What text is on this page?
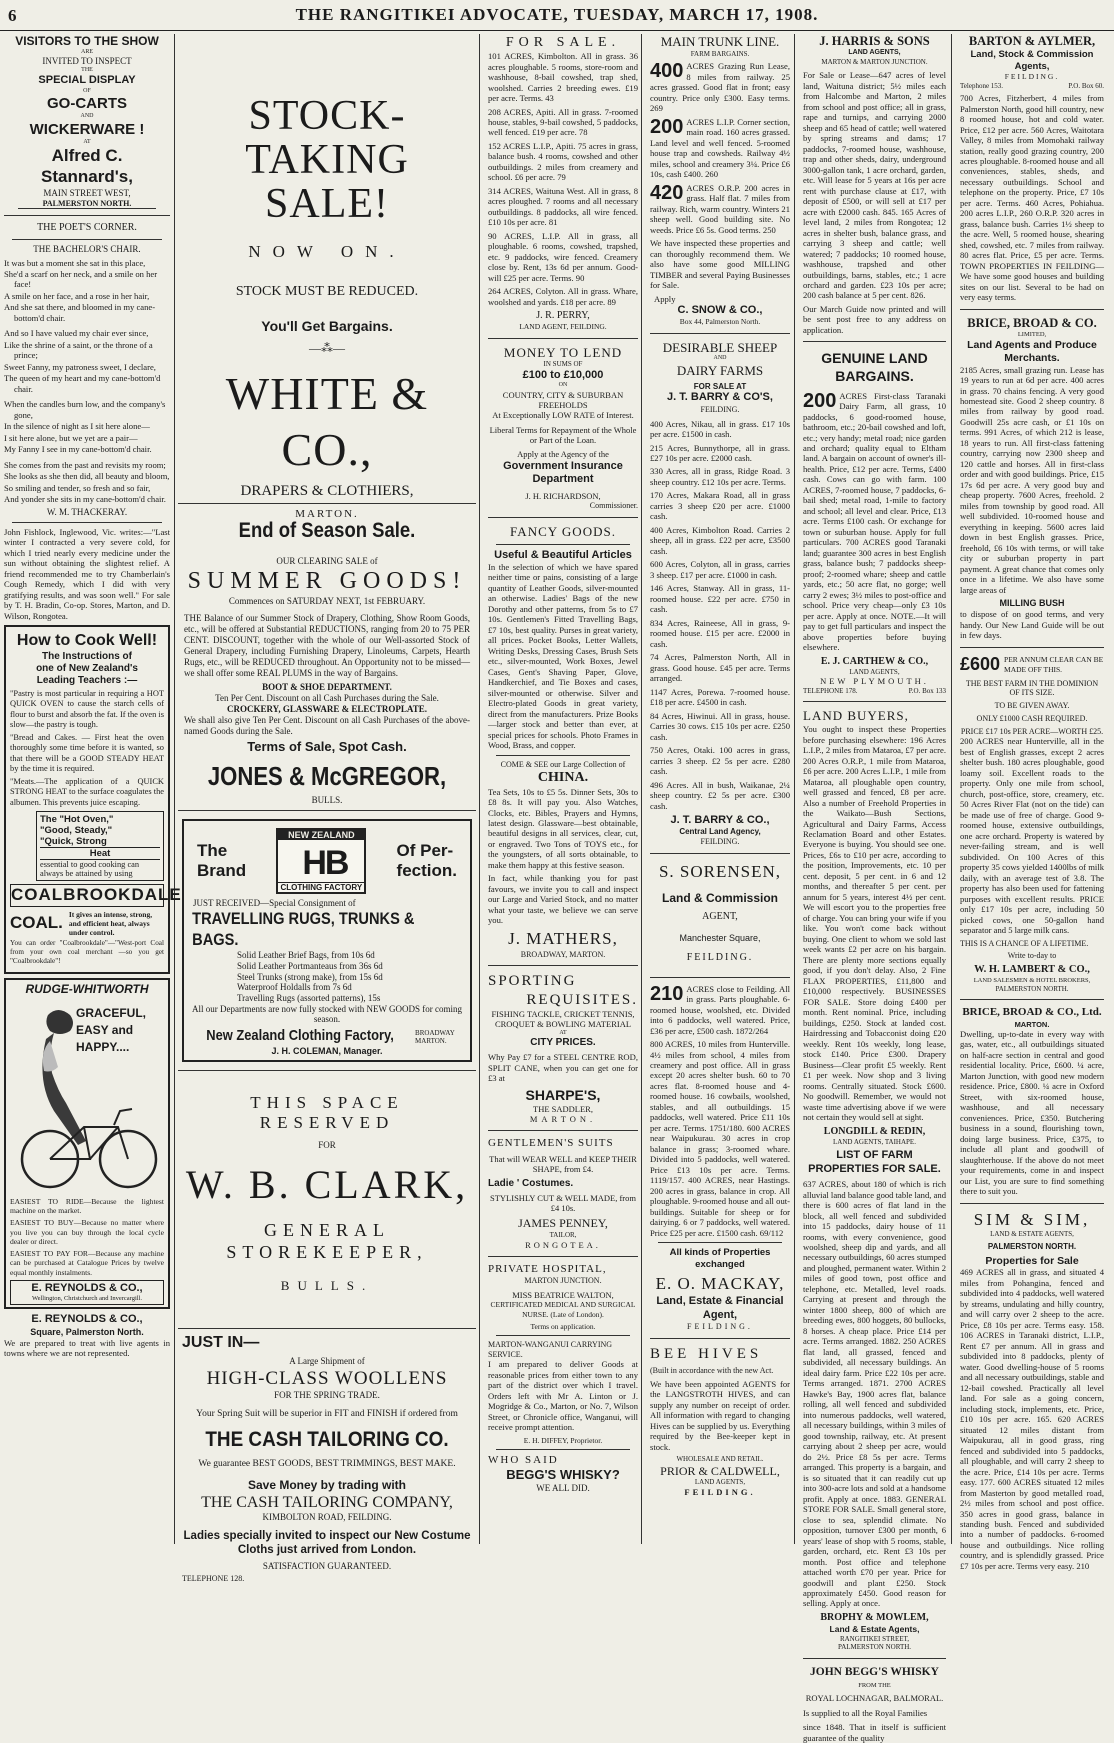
6	THE RANGITIKEI ADVOCATE, TUESDAY, MARCH 17, 1908.
VISITORS TO THE SHOW
ARE
INVITED TO INSPECT
THE
SPECIAL DISPLAY
OF
GO-CARTS
AND
WICKERWARE !
AT
Alfred C. Stannard's,
MAIN STREET WEST,
PALMERSTON NORTH.
THE POET'S CORNER.
THE BACHELOR'S CHAIR.

It was but a moment she sat in this place,

She'd a scarf on her neck, and a smile on her face!

A smile on her face, and a rose in her hair,

And she sat there, and bloomed in my cane-bottom'd chair.

And so I have valued my chair ever since,

Like the shrine of a saint, or the throne of a prince;

Sweet Fanny, my patroness sweet, I declare,

The queen of my heart and my cane-bottom'd chair.

When the candles burn low, and the company's gone,

In the silence of night as I sit here alone—

I sit here alone, but we yet are a pair—

My Fanny I see in my cane-bottom'd chair.

She comes from the past and revisits my room;

She looks as she then did, all beauty and bloom,

So smiling and tender, so fresh and so fair,

And yonder she sits in my cane-bottom'd chair.

W. M. THACKERAY.

John Fishlock, Inglewood, Vic. writes:—"Last winter I contracted a very severe cold, for which I tried nearly every medicine under the sun without obtaining the slightest relief. A friend recommended me to try Chamberlain's Cough Remedy, which I did with very gratifying results, and was soon well." For sale by T. H. Bradin, Co-op. Stores, Marton, and D. Wilson, Rongotea.

How to Cook Well!
The Instructions of
one of New Zealand's
Leading Teachers :—

"Pastry is most particular in requiring a HOT QUICK OVEN to cause the starch cells of flour to burst and absorb the fat. If the oven is slow—the pastry is tough.

"Bread and Cakes. — First heat the oven thoroughly some time before it is wanted, so that there will be a GOOD STEADY HEAT by the time it is required.

"Meats.—The application of a QUICK STRONG HEAT to the surface coagulates the albumen. This prevents juice escaping.

The "Hot Oven,"
"Good, Steady,"
"Quick, Strong
Heat
essential to good cooking can always be attained by using
COALBROOKDALE
COAL. It gives an intense, strong, and efficient heat, always under control.

You can order "Coalbrookdale"—"West-port Coal from your own coal merchant —so you get "Coalbrookdale"!

RUDGE-WHITWORTH
GRACEFUL,
EASY and
HAPPY....

EASIEST TO RIDE—Because the lightest machine on the market.

EASIEST TO BUY—Because no matter where you live you can buy through the local cycle dealer or direct.

EASIEST TO PAY FOR—Because any machine can be purchased at Catalogue Prices by twelve equal monthly instalments.

E. REYNOLDS & CO.,
Wellington, Christchurch and Invercargill.
E. REYNOLDS & CO.,
Square, Palmerston North.

We are prepared to treat with live agents in towns where we are not represented.

STOCK-TAKING
SALE!
NOW ON.
STOCK MUST BE REDUCED.
You'll Get Bargains.
—⁂—
WHITE & CO.,
DRAPERS & CLOTHIERS,
MARTON.
End of Season Sale.
OUR CLEARING SALE of
SUMMER GOODS!
Commences on SATURDAY NEXT, 1st FEBRUARY.

THE Balance of our Summer Stock of Drapery, Clothing, Show Room Goods, etc., will be offered at Substantial REDUCTIONS, ranging from 20 to 75 PER CENT. DISCOUNT, together with the whole of our Well-assorted Stock of General Drapery, including Furnishing Drapery, Linoleums, Carpets, Hearth Rugs, etc., will be REDUCED throughout. An Opportunity not to be missed—we shall offer some REAL PLUMS in the way of Bargains.

BOOT & SHOE DEPARTMENT.
Ten Per Cent. Discount on all Cash Purchases during the Sale.
CROCKERY, GLASSWARE & ELECTROPLATE.

We shall also give Ten Per Cent. Discount on all Cash Purchases of the above-named Goods during the Sale.

Terms of Sale, Spot Cash.
JONES & McGREGOR,
BULLS.
The
Brand
NEW ZEALAND
HB
CLOTHING FACTORY
Of Per-
fection.
JUST RECEIVED—Special Consignment of
TRAVELLING RUGS, TRUNKS & BAGS.
Solid Leather Brief Bags, from 10s 6d
Solid Leather Portmanteaus from 36s 6d
Steel Trunks (strong make), from 15s 6d
Waterproof Holdalls from 7s 6d
Travelling Rugs (assorted patterns), 15s
All our Departments are now fully stocked with NEW GOODS for coming season.
New Zealand Clothing Factory,	BROADWAY MARTON.
J. H. COLEMAN, Manager.
THIS SPACE RESERVED
FOR
W. B. CLARK,
GENERAL STOREKEEPER,
BULLS.
JUST IN—
A Large Shipment of
HIGH-CLASS WOOLLENS
FOR THE SPRING TRADE.
Your Spring Suit will be superior in FIT and FINISH if ordered from
THE CASH TAILORING CO.
We guarantee BEST GOODS, BEST TRIMMINGS, BEST MAKE.
Save Money by trading with
THE CASH TAILORING COMPANY,
KIMBOLTON ROAD, FEILDING.
Ladies specially invited to inspect our New Costume Cloths just arrived from London.
SATISFACTION GUARANTEED.
TELEPHONE 128.
FOR SALE.

101 ACRES, Kimbolton. All in grass. 36 acres ploughable. 5 rooms, store-room and washhouse, 8-bail cowshed, trap shed, woolshed. Carries 2 breeding ewes. £19 per acre. Terms. 43

208 ACRES, Apiti. All in grass. 7-roomed house, stables, 9-bail cowshed, 5 paddocks, well fenced. £19 per acre. 78

152 ACRES L.I.P., Apiti. 75 acres in grass, balance bush. 4 rooms, cowshed and other outbuildings. 2 miles from creamery and school. £6 per acre. 79

314 ACRES, Waituna West. All in grass, 8 acres ploughed. 7 rooms and all necessary outbuildings. 8 paddocks, all wire fenced. £10 10s per acre. 81

90 ACRES, L.I.P. All in grass, all ploughable. 6 rooms, cowshed, trapshed, etc. 9 paddocks, wire fenced. Creamery close by. Rent, 13s 6d per annum. Good-will £25 per acre. Terms. 90

264 ACRES, Colyton. All in grass. Whare, woolshed and yards. £18 per acre. 89

J. R. PERRY,
LAND AGENT, FEILDING.
MONEY TO LEND
IN SUMS OF
£100 to £10,000
ON
COUNTRY, CITY & SUBURBAN FREEHOLDS
At Exceptionally LOW RATE of Interest.
Liberal Terms for Repayment of the Whole or Part of the Loan.
Apply at the Agency of the
Government Insurance Department
J. H. RICHARDSON,
Commissioner.
FANCY GOODS.
Useful & Beautiful Articles

In the selection of which we have spared neither time or pains, consisting of a large quantity of Leather Goods, silver-mounted an otherwise. Ladies' Bags of the new Dorothy and other patterns, from 5s to £7 10s. Gentlemen's Fitted Travelling Bags, £7 10s, best quality. Purses in great variety, all prices. Pocket Books, Letter Wallets, Writing Desks, Dressing Cases, Brush Sets etc., silver-mounted, Work Boxes, Jewel Cases, Gent's Shaving Paper, Glove, Handkerchief, and Tie Boxes and cases, silver-mounted or otherwise. Silver and Electro-plated Goods in great variety, direct from the manufacturers. Prize Books—larger stock and better than ever, at special prices for schools. Photo Frames in Wood, Brass, and copper.

COME & SEE our Large Collection of
CHINA.

Tea Sets, 10s to £5 5s. Dinner Sets, 30s to £8 8s. It will pay you. Also Watches, Clocks, etc. Bibles, Prayers and Hymns, latest design. Glassware—best obtainable, beautiful designs in all services, clear, cut, or engraved. Two Tons of TOYS etc., for the youngsters, of all sorts obtainable, to make them happy at this festive season.

In fact, while thanking you for past favours, we invite you to call and inspect our Large and Varied Stock, and no matter what your taste, we believe we can serve you.

J. MATHERS,
BROADWAY, MARTON.
SPORTING
REQUISITES.
FISHING TACKLE, CRICKET TENNIS, CROQUET & BOWLING MATERIAL
AT
CITY PRICES.

Why Pay £7 for a STEEL CENTRE ROD, SPLIT CANE, when you can get one for £3 at

SHARPE'S,
THE SADDLER,
MARTON.
GENTLEMEN'S SUITS
That will WEAR WELL and KEEP THEIR SHAPE, from £4.
Ladie ' Costumes.
STYLISHLY CUT & WELL MADE, from £4 10s.
JAMES PENNEY,
TAILOR,
RONGOTEA.
PRIVATE HOSPITAL,
MARTON JUNCTION.
MISS BEATRICE WALTON,
CERTIFICATED MEDICAL AND SURGICAL NURSE. (Late of London).
Terms on application.
MARTON-WANGANUI CARRYING SERVICE.

I am prepared to deliver Goods at reasonable prices from either town to any part of the district over which I travel. Orders left with Mr A. Linton or J. Mogridge & Co., Marton, or No. 7, Wilson Street, or Chronicle office, Wanganui, will receive prompt attention.

E. H. DIFFEY, Proprietor.
WHO SAID
BEGG'S WHISKY?
WE ALL DID.
MAIN TRUNK LINE.
FARM BARGAINS.

400 ACRES Grazing Run Lease, 8 miles from railway. 25 acres grassed. Good flat in front; easy country. Price only £300. Easy terms. 269

200 ACRES L.I.P. Corner section, main road. 160 acres grassed. Land level and well fenced. 5-roomed house trap and cowsheds. Railway 4½ miles, school and creamery 3¼. Price £6 10s, cash £400. 260

420 ACRES O.R.P. 200 acres in grass. Half flat. 7 miles from railway. Rich, warm country. Winters 21 sheep well. Good building site. No weeds. Price £6 5s. Good terms. 250

We have inspected these properties and can thoroughly recommend them. We also have some good MILLING TIMBER and several Paying Businesses for Sale.

Apply
C. SNOW & CO.,
Box 44, Palmerston North.
DESIRABLE SHEEP
AND
DAIRY FARMS
FOR SALE AT
J. T. BARRY & CO'S,
FEILDING.

400 Acres, Nikau, all in grass. £17 10s per acre. £1500 in cash.

215 Acres, Bunnythorpe, all in grass. £27 10s per acre. £2000 cash.

330 Acres, all in grass, Ridge Road. 3 sheep country. £12 10s per acre. Terms.

170 Acres, Makara Road, all in grass carries 3 sheep £20 per acre. £1000 cash.

400 Acres, Kimbolton Road. Carries 2 sheep, all in grass. £22 per acre, £3500 cash.

600 Acres, Colyton, all in grass, carries 3 sheep. £17 per acre. £1000 in cash.

146 Acres, Stanway. All in grass, 11-roomed house. £22 per acre. £750 in cash.

834 Acres, Raineese, All in grass, 9-roomed house. £15 per acre. £2000 in cash.

74 Acres, Palmerston North, All in grass. Good house. £45 per acre. Terms arranged.

1147 Acres, Porewa. 7-roomed house. £18 per acre. £4500 in cash.

84 Acres, Hiwinui. All in grass, house. Carries 30 cows. £15 10s per acre. £250 cash.

750 Acres, Otaki. 100 acres in grass, carries 3 sheep. £2 5s per acre. £280 cash.

496 Acres. All in bush, Waikanae, 2¼ sheep country. £2 5s per acre. £300 cash.

J. T. BARRY & CO.,
Central Land Agency,
FEILDING.
S. SORENSEN,
Land & Commission
AGENT,
Manchester Square,
FEILDING.

210 ACRES close to Feilding. All in grass. Parts ploughable. 6-roomed house, woolshed, etc. Divided into 6 paddocks, well watered. Price, £36 per acre, £500 cash. 1872/264

800 ACRES, 10 miles from Hunterville. 4½ miles from school, 4 miles from creamery and post office. All in grass except 20 acres shelter bush. 60 to 70 acres flat. 8-roomed house and 4-roomed house. 16 cowbails, woolshed, stables, and all outbuildings. 15 paddocks, well watered. Price £11 10s per acre. Terms. 1751/180. 600 ACRES near Waipukurau. 30 acres in crop balance in grass; 3-roomed whare. Divided into 5 paddocks, well watered. Price £13 10s per acre. Terms. 1119/157. 400 ACRES, near Hastings. 200 acres in grass, balance in crop. All ploughable. 9-roomed house and all out-buildings. Suitable for sheep or for dairying. 6 or 7 paddocks, well watered. Price £25 per acre. £1500 cash. 69/112

All kinds of Properties exchanged
E. O. MACKAY,
Land, Estate & Financial Agent,
FEILDING.
BEE HIVES
(Built in accordance with the new Act.

We have been appointed AGENTS for the LANGSTROTH HIVES, and can supply any number on receipt of order. All information with regard to changing Hives can be supplied by us. Everything required by the Bee-keeper kept in stock.

WHOLESALE AND RETAIL.
PRIOR & CALDWELL,
LAND AGENTS,
FEILDING.
J. HARRIS & SONS
LAND AGENTS,
MARTON & MARTON JUNCTION.

For Sale or Lease—647 acres of level land, Waituna district; 5½ miles each from Halcombe and Marton, 2 miles from school and post office; all in grass, rape and turnips, and carrying 2000 sheep and 65 head of cattle; well watered by spring streams and dams; 17 paddocks, 7-roomed house, washhouse, trap and other sheds, dairy, underground 3000-gallon tank, 1 acre orchard, garden, etc. Will lease for 5 years at 16s per acre rent with purchase clause at £17, with deposit of £500, or will sell at £17 per acre with £2000 cash. 845. 165 Acres of level land, 2 miles from Rongotea; 12 acres in shelter bush, balance grass, and carrying 3 sheep and cattle; well watered; 7 paddocks; 10 roomed house, washhouse, trapshed and other outbuildings, barns, stables, etc.; 1 acre orchard and garden. £23 10s per acre; 200 cash balance at 5 per cent. 826.

Our March Guide now printed and will be sent post free to any address on application.

GENUINE LAND
BARGAINS.

200 ACRES First-class Taranaki Dairy Farm, all grass, 10 paddocks, 6 good-roomed house, bathroom, etc.; 20-bail cowshed and loft, etc.; very handy; metal road; nice garden and orchard; quality equal to Eltham land. A bargain on account of owner's ill-health. Price, £12 per acre. Terms, £400 cash. Cows can go with farm. 100 ACRES, 7-roomed house, 7 paddocks, 6-bail shed; metal road, 1-mile to factory and school; all level and clear. Price, £13 acre. Terms £100 cash. Or exchange for town or suburban house. Apply for full particulars. 700 ACRES good Taranaki land; guarantee 300 acres in best English grass, balance bush; 7 paddocks sheep-proof; 2-roomed whare; sheep and cattle yards, etc.; 50 acre flat, no gorge; well carry 2 ewes; 3½ miles to post-office and school. Price very cheap—only £3 10s per acre. Apply at once. NOTE.—It will pay to get full particulars and inspect the above properties before buying elsewhere.

E. J. CARTHEW & CO.,
LAND AGENTS,
NEW PLYMOUTH.
TELEPHONE 178.	P.O. Box 133
LAND BUYERS,

You ought to inspect these Properties before purchasing elsewhere: 196 Acres L.I.P., 2 miles from Mataroa, £7 per acre. 200 Acres O.R.P., 1 mile from Mataroa, £6 per acre. 200 Acres L.I.P., 1 mile from Mataroa, all ploughable open country, well grassed and fenced, £8 per acre. Also a number of Freehold Properties in the Waikato—Bush Sections, Agricultural and Dairy Farms, Access Reclamation Board and other Estates. Everyone is buying. You should see one. Prices, £6s to £10 per acre, according to the position, Improvements, etc. 10 per cent. deposit, 5 per cent. in 6 and 12 months, and thereafter 5 per cent. per annum for 5 years, interest 4½ per cent. We will escort you to the properties free of charge. You can bring your wife if you like. You won't come back without buying. One client to whom we sold last week wants £2 per acre on his bargain. There are plenty more sections equally good, if you don't delay. Also, 2 Fine FLAX PROPERTIES, £11,800 and £10,000 respectively. BUSINESSES FOR SALE. Store doing £400 per month. Rent nominal. Price, including buildings, £250. Stock at landed cost. Hairdressing and Tobacconist doing £20 weekly. Rent 10s weekly, long lease, stock £140. Price £300. Drapery Business—Clear profit £5 weekly. Rent £1 per week. Now shop and 3 living rooms. Centrally situated. Stock £600. No goodwill. Remember, we would not waste time advertising above if we were not certain they would sell at sight.

LONGDILL & REDIN,
LAND AGENTS, TAIHAPE.
LIST OF FARM PROPERTIES FOR SALE.

637 ACRES, about 180 of which is rich alluvial land balance good table land, and there is 600 acres of flat land in the block, all well fenced and subdivided into 15 paddocks, dairy house of 11 rooms, with every convenience, good woolshed, sheep dip and yards, and all necessary outbuildings, 60 acres stumped and ploughed, permanent water. Within 2 miles of good town, post office and telephone, etc. Metalled, level roads. Carrying at present and through the winter 1800 sheep, 800 of which are breeding ewes, 800 hoggets, 80 bullocks, 8 horses. A cheap place. Price £14 per acre. Terms arranged. 1882. 250 ACRES flat land, all grassed, fenced and subdivided, all necessary buildings. An ideal dairy farm. Price £22 10s per acre. Terms arranged. 1871. 2700 ACRES Hawke's Bay, 1900 acres flat, balance rolling, all well fenced and subdivided into numerous paddocks, well watered, all necessary buildings, within 3 miles of good township, railway, etc. At present carrying about 2 sheep per acre, would do 2½. Price £8 5s per acre. Terms arranged. This property is a bargain, and is so situated that it can readily cut up into 300-acre lots and sold at a handsome profit. Apply at once. 1883. GENERAL STORE FOR SALE. Small general store, close to sea, splendid climate. No opposition, turnover £300 per month, 6 years' lease of shop with 5 rooms, stable, garden, orchard, etc. Rent £3 10s per month. Post office and telephone attached worth £70 per year. Price for goodwill and plant £250. Stock approximately £450. Good reason for selling. Apply at once.

BROPHY & MOWLEM,
Land & Estate Agents,
RANGITIKEI STREET,
PALMERSTON NORTH.
JOHN BEGG'S WHISKY
FROM THE
ROYAL LOCHNAGAR, BALMORAL.

Is supplied to all the Royal Families

since 1848. That in itself is sufficient guarantee of the quality

BARTON & AYLMER,
Land, Stock & Commission Agents,
FEILDING.
Telephone 153.	P.O. Box 60.

700 Acres, Fitzherbert, 4 miles from Palmerston North, good hill country, new 8 roomed house, hot and cold water. Price, £12 per acre. 560 Acres, Waitotara Valley, 8 miles from Momohaki railway station, really good grazing country, 200 acres ploughable. 8-roomed house and all conveniences, stables, sheds, and necessary outbuildings. School and telephone on the property. Price, £7 10s per acre. Terms. 460 Acres, Pohiahua. 200 acres L.I.P., 260 O.R.P. 320 acres in grass, balance bush. Carries 1½ sheep to the acre. Well, 5 roomed house, shearing shed, cowshed, etc. 7 miles from railway. 80 acres flat. Price, £5 per acre. Terms. TOWN PROPERTIES IN FEILDING—We have some good houses and building sites on our list. Several to be had on very easy terms.

BRICE, BROAD & CO.
LIMITED,
Land Agents and Produce Merchants.

2185 Acres, small grazing run. Lease has 19 years to run at 6d per acre. 400 acres in grass. 70 chains fencing. A very good homestead site. Good 2 sheep country. 8 miles from railway by good road. Goodwill 25s acre cash, or £1 10s on terms. 991 Acres, of which 212 is lease, 18 years to run. All first-class fattening country, carrying now 2300 sheep and 120 cattle and horses. All in first-class order and with good buildings. Price, £15 17s 6d per acre. A very good buy and cheap property. 7600 Acres, freehold. 2 miles from township by good road. All well subdivided. 10-roomed house and everything in keeping. 5600 acres laid down in best English grasses. Price, freehold, £6 10s with terms, or will take city or suburban property in part payment. A great chance that comes only once in a lifetime. We also have some large areas of

MILLING BUSH

to dispose of on good terms, and very handy. Our New Land Guide will be out in few days.

£600 PER ANNUM CLEAR CAN BE MADE OFF THIS.
THE BEST FARM IN THE DOMINION OF ITS SIZE.
TO BE GIVEN AWAY.
ONLY £1000 CASH REQUIRED.
PRICE £17 10s PER ACRE—WORTH £25.

200 ACRES near Hunterville, all in the best of English grasses, except 2 acres shelter bush. 180 acres ploughable, good loamy soil. Excellent roads to the property. Only one mile from school, church, post-office, store, creamery, etc. 50 Acres River Flat (not on the tide) can be made use of free of charge. Good 9-roomed house, extensive outbuildings, one acre orchard. Property is watered by never-failing stream, and is well subdivided. On 100 Acres of this property 35 cows yielded 1400lbs of milk daily, with an average test of 3.8. The property has also been used for fattening purposes with excellent results. PRICE only £17 10s per acre, including 50 picked cows, one 50-gallon hand separator and 5 large milk cans.

THIS IS A CHANCE OF A LIFETIME.
Write to-day to
W. H. LAMBERT & CO.,
LAND SALESMEN & HOTEL BROKERS,
PALMERSTON NORTH.
BRICE, BROAD & CO., Ltd.
MARTON.

Dwelling, up-to-date in every way with gas, water, etc., all outbuildings situated on half-acre section in central and good residential locality. Price, £600. ¼ acre, Marton Junction, with good new modern residence. Price, £800. ¼ acre in Oxford Street, with six-roomed house, washhouse, and all necessary conveniences. Price, £350. Butchering business in a sound, flourishing town, doing large business. Price, £375, to include all plant and goodwill of slaughterhouse. If the above do not meet your requirements, come in and inspect our List, you are sure to find something there to suit you.

SIM & SIM,
LAND & ESTATE AGENTS,
PALMERSTON NORTH.
Properties for Sale

469 ACRES all in grass, and situated 4 miles from Pohangina, fenced and subdivided into 4 paddocks, well watered by streams, undulating and hilly country, and will carry over 2 sheep to the acre. Price, £8 10s per acre. Terms easy. 158. 106 ACRES in Taranaki district, L.I.P., Rent £7 per annum. All in grass and subdivided into 8 paddocks, plenty of water. Good dwelling-house of 5 rooms and all necessary outbuildings, stable and 12-bail cowshed. Practically all level land. For sale as a going concern, including stock, implements, etc. Price, £10 10s per acre. 165. 620 ACRES situated 12 miles distant from Waipukurau, all in good grass, ring fenced and subdivided into 5 paddocks, all ploughable, and will carry 2 sheep to the acre. Price, £14 10s per acre. Terms easy. 177. 600 ACRES situated 12 miles from Masterton by good metalled road, 2½ miles from school and post office. 350 acres in good grass, balance in standing bush. Fenced and subdivided into a number of paddocks. 6-roomed house and outbuildings. Nice rolling country, and is splendidly grassed. Price £7 10s per acre. Terms very easy. 210
